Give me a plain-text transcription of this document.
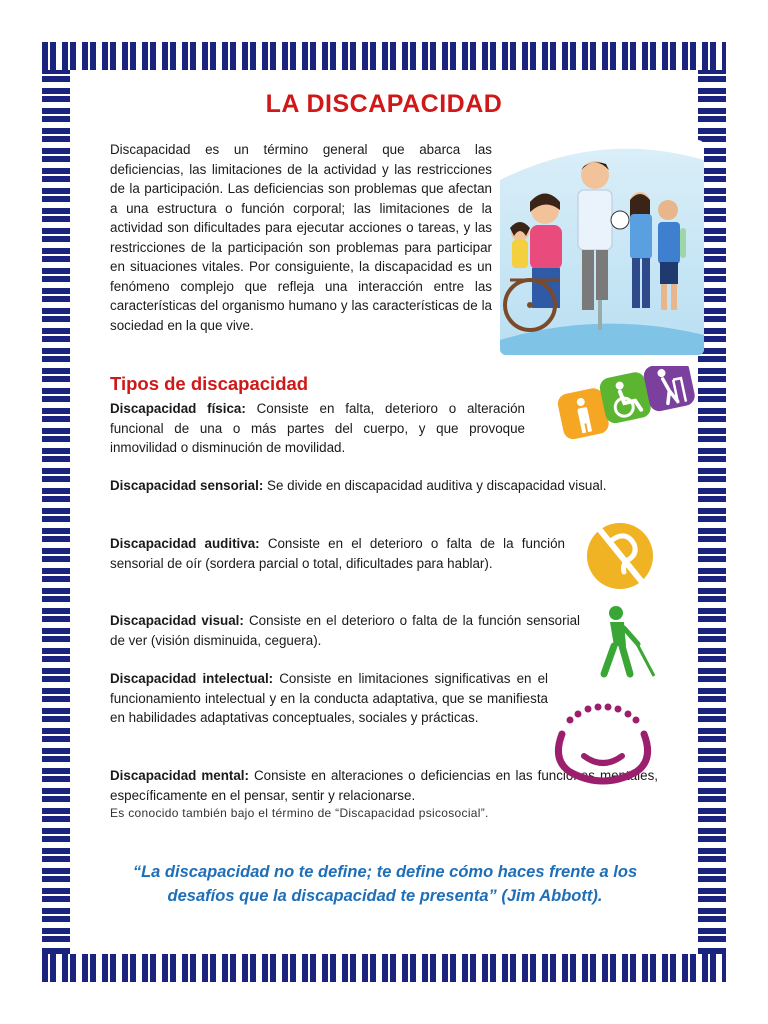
LA DISCAPACIDAD
Discapacidad es un término general que abarca las deficiencias, las limitaciones de la actividad y las restricciones de la participación. Las deficiencias son problemas que afectan a una estructura o función corporal; las limitaciones de la actividad son dificultades para ejecutar acciones o tareas, y las restricciones de la participación son problemas para participar en situaciones vitales. Por consiguiente, la discapacidad es un fenómeno complejo que refleja una interacción entre las características del organismo humano y las características de la sociedad en la que vive.
Tipos de discapacidad
Discapacidad física: Consiste en falta, deterioro o alteración funcional de una o más partes del cuerpo, y que provoque inmovilidad o disminución de movilidad.
Discapacidad sensorial: Se divide en discapacidad auditiva y discapacidad visual.
Discapacidad auditiva: Consiste en el deterioro o falta de la función sensorial de oír (sordera parcial o total, dificultades para hablar).
Discapacidad visual: Consiste en el deterioro o falta de la función sensorial de ver (visión disminuida, ceguera).
Discapacidad intelectual: Consiste en limitaciones significativas en el funcionamiento intelectual y en la conducta adaptativa, que se manifiesta en habilidades adaptativas conceptuales, sociales y prácticas.
Discapacidad mental: Consiste en alteraciones o deficiencias en las funciones mentales, específicamente en el pensar, sentir y relacionarse.
Es conocido también bajo el término de “Discapacidad psicosocial”.
“La discapacidad no te define; te define cómo haces frente a los desafíos que la discapacidad te presenta” (Jim Abbott).
